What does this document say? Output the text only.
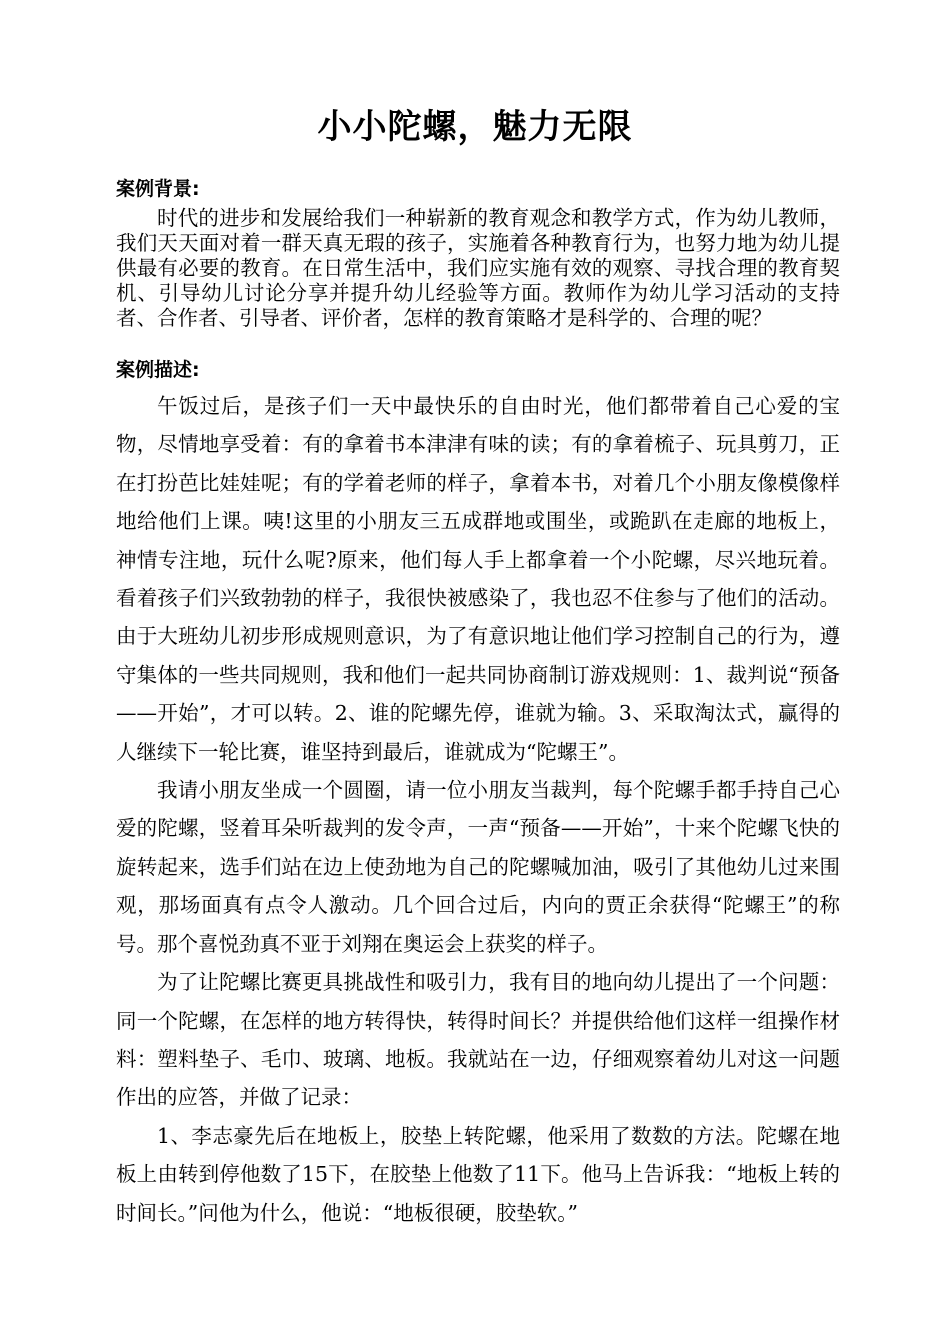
小小陀螺，魅力无限
案例背景:

时代的进步和发展给我们一种崭新的教育观念和教学方式，作为幼儿教师，我们天天面对着一群天真无瑕的孩子，实施着各种教育行为，也努力地为幼儿提供最有必要的教育。在日常生活中，我们应实施有效的观察、寻找合理的教育契机、引导幼儿讨论分享并提升幼儿经验等方面。教师作为幼儿学习活动的支持者、合作者、引导者、评价者，怎样的教育策略才是科学的、合理的呢？

案例描述:

午饭过后，是孩子们一天中最快乐的自由时光，他们都带着自己心爱的宝物，尽情地享受着：有的拿着书本津津有味的读；有的拿着梳子、玩具剪刀，正在打扮芭比娃娃呢；有的学着老师的样子，拿着本书，对着几个小朋友像模像样地给他们上课。咦!这里的小朋友三五成群地或围坐，或跪趴在走廊的地板上，神情专注地，玩什么呢?原来，他们每人手上都拿着一个小陀螺，尽兴地玩着。看着孩子们兴致勃勃的样子，我很快被感染了，我也忍不住参与了他们的活动。由于大班幼儿初步形成规则意识，为了有意识地让他们学习控制自己的行为，遵守集体的一些共同规则，我和他们一起共同协商制订游戏规则：1、裁判说“预备——开始”，才可以转。2、谁的陀螺先停，谁就为输。3、采取淘汰式，赢得的人继续下一轮比赛，谁坚持到最后，谁就成为“陀螺王”。

我请小朋友坐成一个圆圈，请一位小朋友当裁判，每个陀螺手都手持自己心爱的陀螺，竖着耳朵听裁判的发令声，一声“预备——开始”，十来个陀螺飞快的旋转起来，选手们站在边上使劲地为自己的陀螺喊加油，吸引了其他幼儿过来围观，那场面真有点令人激动。几个回合过后，内向的贾正余获得“陀螺王”的称号。那个喜悦劲真不亚于刘翔在奥运会上获奖的样子。

为了让陀螺比赛更具挑战性和吸引力，我有目的地向幼儿提出了一个问题：同一个陀螺，在怎样的地方转得快，转得时间长？并提供给他们这样一组操作材料：塑料垫子、毛巾、玻璃、地板。我就站在一边，仔细观察着幼儿对这一问题作出的应答，并做了记录：

1、李志豪先后在地板上，胶垫上转陀螺，他采用了数数的方法。陀螺在地板上由转到停他数了15下，在胶垫上他数了11下。他马上告诉我：“地板上转的时间长。”问他为什么，他说：“地板很硬，胶垫软。”
